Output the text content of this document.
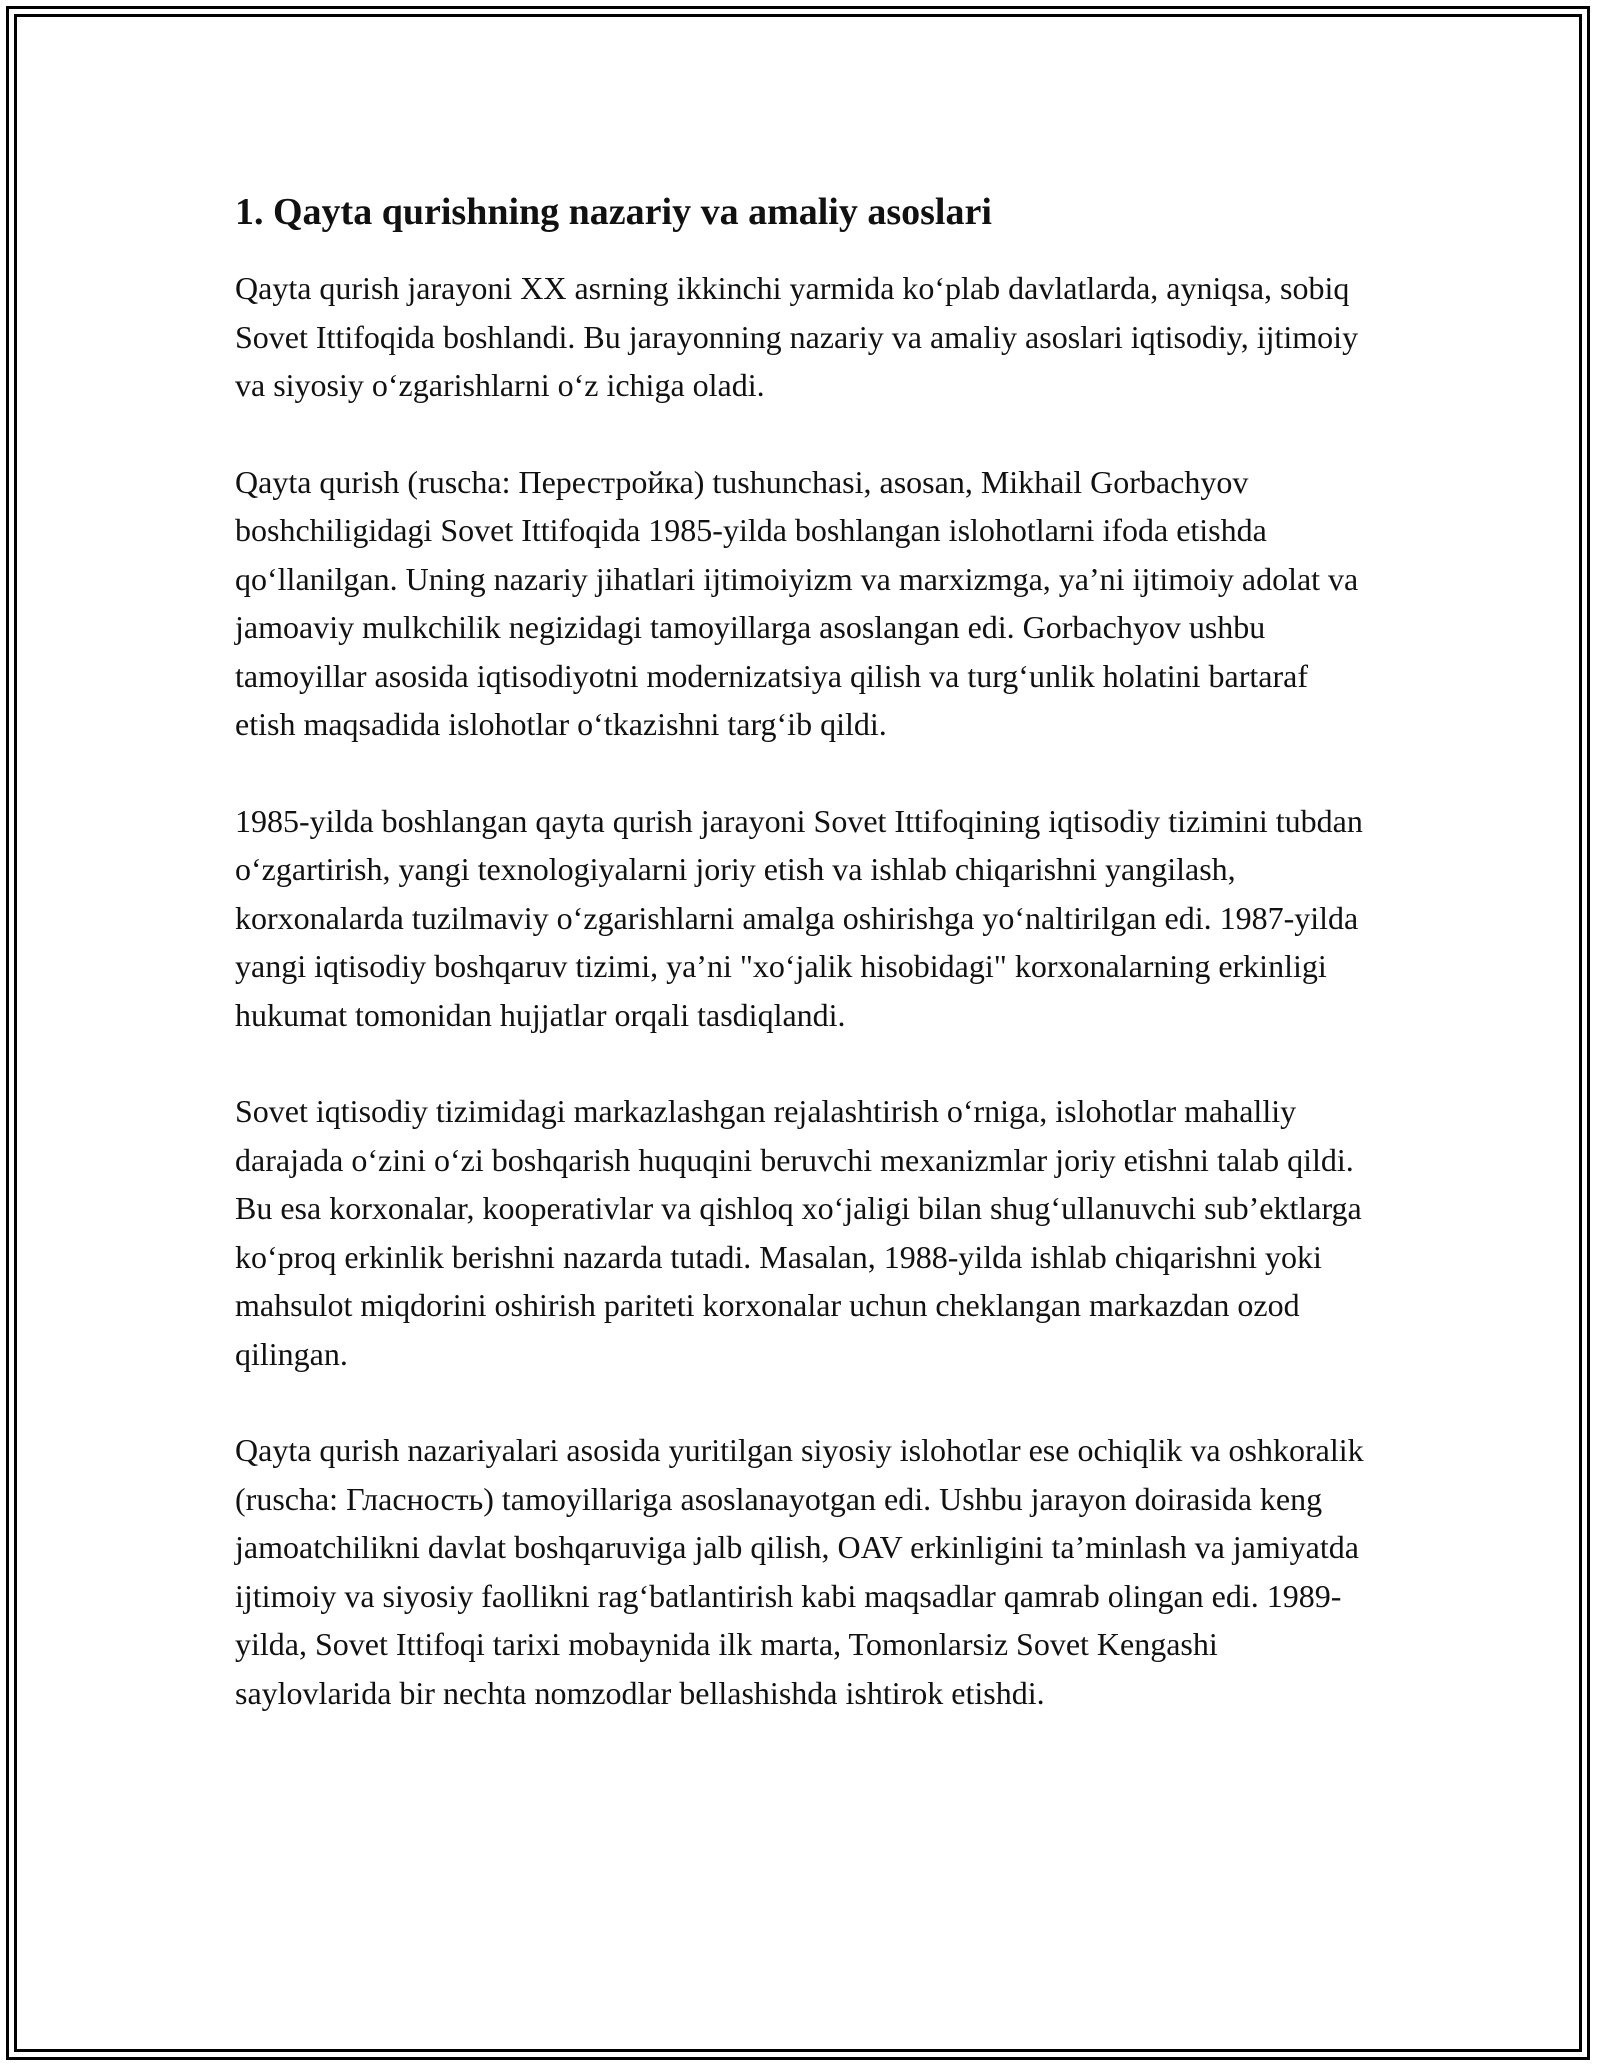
1. Qayta qurishning nazariy va amaliy asoslari

Qayta qurish jarayoni XX asrning ikkinchi yarmida ko‘plab davlatlarda, ayniqsa, sobiq Sovet Ittifoqida boshlandi. Bu jarayonning nazariy va amaliy asoslari iqtisodiy, ijtimoiy va siyosiy o‘zgarishlarni o‘z ichiga oladi.

Qayta qurish (ruscha: Перестройка) tushunchasi, asosan, Mikhail Gorbachyov boshchiligidagi Sovet Ittifoqida 1985-yilda boshlangan islohotlarni ifoda etishda qo‘llanilgan. Uning nazariy jihatlari ijtimoiyizm va marxizmga, ya’ni ijtimoiy adolat va jamoaviy mulkchilik negizidagi tamoyillarga asoslangan edi. Gorbachyov ushbu tamoyillar asosida iqtisodiyotni modernizatsiya qilish va turg‘unlik holatini bartaraf etish maqsadida islohotlar o‘tkazishni targ‘ib qildi.

1985-yilda boshlangan qayta qurish jarayoni Sovet Ittifoqining iqtisodiy tizimini tubdan o‘zgartirish, yangi texnologiyalarni joriy etish va ishlab chiqarishni yangilash, korxonalarda tuzilmaviy o‘zgarishlarni amalga oshirishga yo‘naltirilgan edi. 1987-yilda yangi iqtisodiy boshqaruv tizimi, ya’ni "xo‘jalik hisobidagi" korxonalarning erkinligi hukumat tomonidan hujjatlar orqali tasdiqlandi.

Sovet iqtisodiy tizimidagi markazlashgan rejalashtirish o‘rniga, islohotlar mahalliy darajada o‘zini o‘zi boshqarish huquqini beruvchi mexanizmlar joriy etishni talab qildi. Bu esa korxonalar, kooperativlar va qishloq xo‘jaligi bilan shug‘ullanuvchi sub’ektlarga ko‘proq erkinlik berishni nazarda tutadi. Masalan, 1988-yilda ishlab chiqarishni yoki mahsulot miqdorini oshirish pariteti korxonalar uchun cheklangan markazdan ozod qilingan.

Qayta qurish nazariyalari asosida yuritilgan siyosiy islohotlar ese ochiqlik va oshkoralik (ruscha: Гласность) tamoyillariga asoslanayotgan edi. Ushbu jarayon doirasida keng jamoatchilikni davlat boshqaruviga jalb qilish, OAV erkinligini ta’minlash va jamiyatda ijtimoiy va siyosiy faollikni rag‘batlantirish kabi maqsadlar qamrab olingan edi. 1989-yilda, Sovet Ittifoqi tarixi mobaynida ilk marta, Tomonlarsiz Sovet Kengashi saylovlarida bir nechta nomzodlar bellashishda ishtirok etishdi.
